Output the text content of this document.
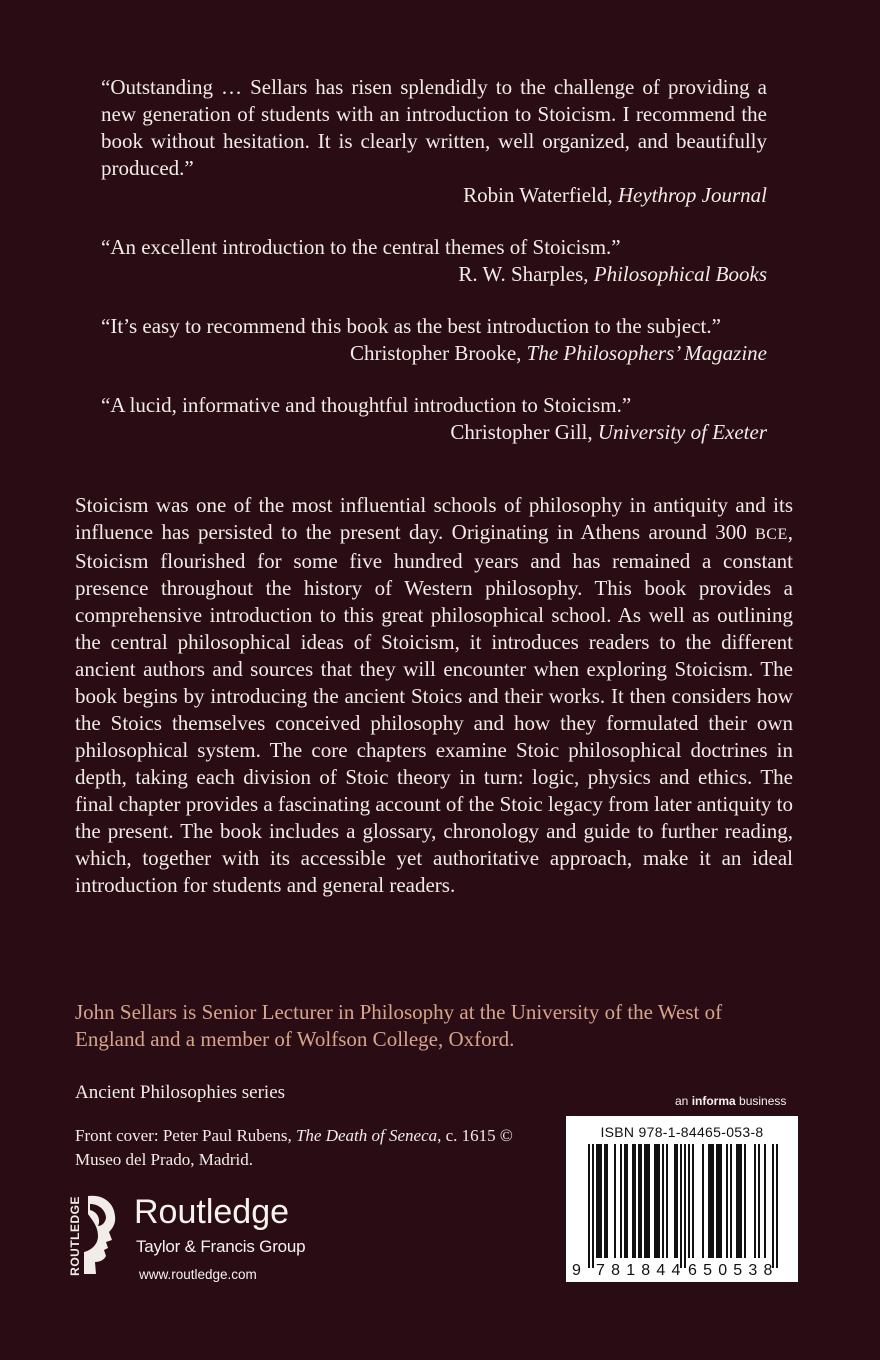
“Outstanding … Sellars has risen splendidly to the challenge of providing a new generation of students with an introduction to Stoicism. I recommend the book without hesitation. It is clearly written, well organized, and beautifully produced.”
Robin Waterfield, Heythrop Journal
“An excellent introduction to the central themes of Stoicism.”
R. W. Sharples, Philosophical Books
“It’s easy to recommend this book as the best introduction to the subject.”
Christopher Brooke, The Philosophers’ Magazine
“A lucid, informative and thoughtful introduction to Stoicism.”
Christopher Gill, University of Exeter
Stoicism was one of the most influential schools of philosophy in antiquity and its influence has persisted to the present day. Originating in Athens around 300 BCE, Stoicism flourished for some five hundred years and has remained a constant presence throughout the history of Western philosophy. This book provides a comprehensive introduction to this great philosophical school. As well as outlining the central philosophical ideas of Stoicism, it introduces readers to the different ancient authors and sources that they will encounter when exploring Stoicism. The book begins by introducing the ancient Stoics and their works. It then considers how the Stoics themselves conceived philosophy and how they formulated their own philosophical system. The core chapters examine Stoic philosophical doctrines in depth, taking each division of Stoic theory in turn: logic, physics and ethics. The final chapter provides a fascinating account of the Stoic legacy from later antiquity to the present. The book includes a glossary, chronology and guide to further reading, which, together with its accessible yet authoritative approach, make it an ideal introduction for students and general readers.
John Sellars is Senior Lecturer in Philosophy at the University of the West of England and a member of Wolfson College, Oxford.
Ancient Philosophies series
Front cover: Peter Paul Rubens, The Death of Seneca, c. 1615 © Museo del Prado, Madrid.
ROUTLEDGE Routledge
Taylor & Francis Group
www.routledge.com
an informa business
ISBN 978-1-84465-053-8
9 781844 650538
